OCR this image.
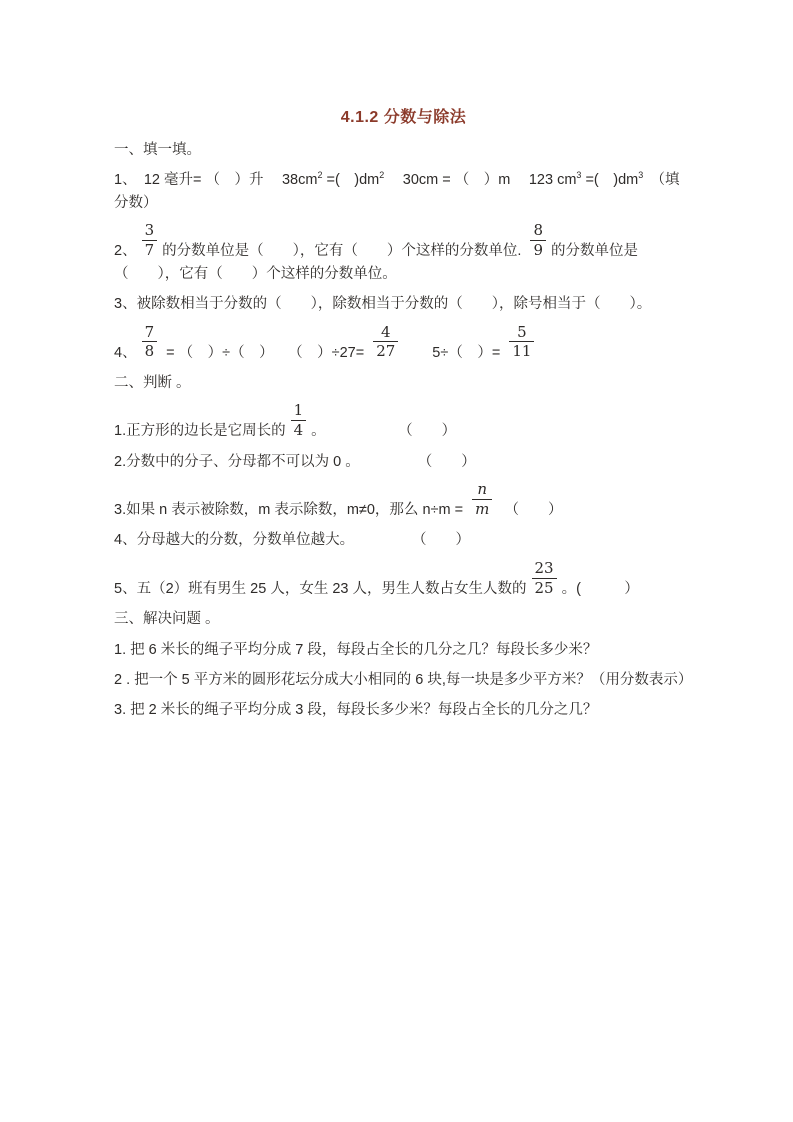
4.1.2 分数与除法

一、填一填。

1、　12 毫升= （　）升　 $38cm^2$ =(　)$dm^2$　 30cm = （　）m　 123 $cm^3$ =(　)$dm^3$　（填分数）

2、 $\frac{3}{7}$ 的分数单位是（　　），它有（　　）个这样的分数单位. $\frac{8}{9}$ 的分数单位是（　　），它有（　　）个这样的分数单位。

3、被除数相当于分数的（　　），除数相当于分数的（　　），除号相当于（　　）。

4、 $\frac{7}{8}$ = （　）÷（　）　　（　）$\div 27= \frac{4}{27}$ 　　5÷（　）= $\frac{5}{11}$

二、判断 。

1.正方形的边长是它周长的 $\frac{1}{4}$ 。　　　　　　（　　）

2.分数中的分子、分母都不可以为 0 。　　　　　（　　）

3.如果 n 表示被除数，m 表示除数，m≠0，那么 $n\div m = \frac{n}{m}$ 　（　　）

4、分母越大的分数，分数单位越大。　　　　　（　　）

5、五（2）班有男生 25 人，女生 23 人，男生人数占女生人数的 $\frac{23}{25}$ 。(　　　）

三、解决问题 。

1. 把 6 米长的绳子平均分成 7 段，每段占全长的几分之几？每段长多少米？

2 . 把一个 5 平方米的圆形花坛分成大小相同的 6 块,每一块是多少平方米？（用分数表示）

3. 把 2 米长的绳子平均分成 3 段，每段长多少米？每段占全长的几分之几？
